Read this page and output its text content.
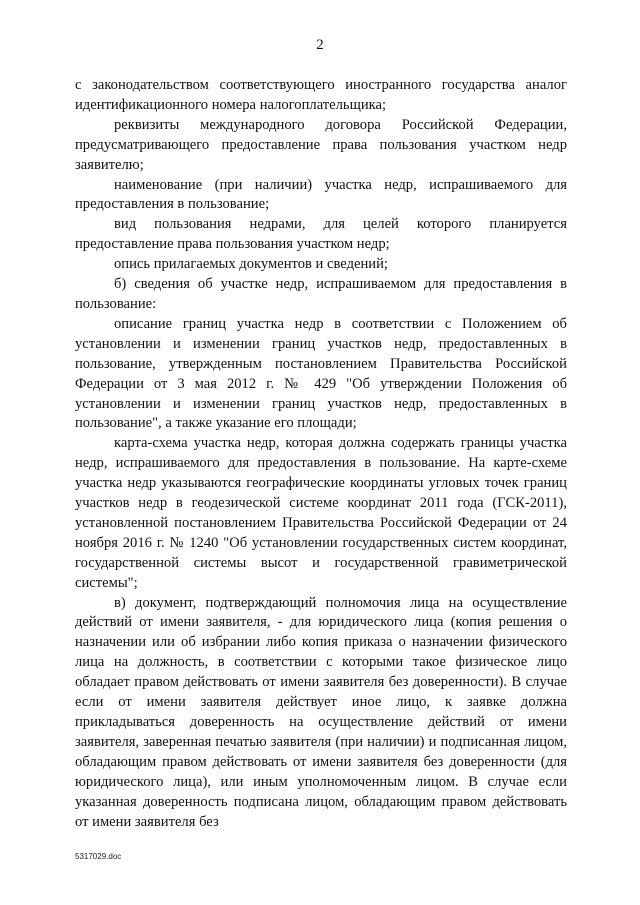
2

с законодательством соответствующего иностранного государства аналог идентификационного номера налогоплательщика;

реквизиты международного договора Российской Федерации, предусматривающего предоставление права пользования участком недр заявителю;

наименование (при наличии) участка недр, испрашиваемого для предоставления в пользование;

вид пользования недрами, для целей которого планируется предоставление права пользования участком недр;

опись прилагаемых документов и сведений;

б) сведения об участке недр, испрашиваемом для предоставления в пользование:

описание границ участка недр в соответствии с Положением об установлении и изменении границ участков недр, предоставленных в пользование, утвержденным постановлением Правительства Российской Федерации от 3 мая 2012 г. № 429 "Об утверждении Положения об установлении и изменении границ участков недр, предоставленных в пользование", а также указание его площади;

карта-схема участка недр, которая должна содержать границы участка недр, испрашиваемого для предоставления в пользование. На карте-схеме участка недр указываются географические координаты угловых точек границ участков недр в геодезической системе координат 2011 года (ГСК-2011), установленной постановлением Правительства Российской Федерации от 24 ноября 2016 г. № 1240 "Об установлении государственных систем координат, государственной системы высот и государственной гравиметрической системы";

в) документ, подтверждающий полномочия лица на осуществление действий от имени заявителя, - для юридического лица (копия решения о назначении или об избрании либо копия приказа о назначении физического лица на должность, в соответствии с которыми такое физическое лицо обладает правом действовать от имени заявителя без доверенности). В случае если от имени заявителя действует иное лицо, к заявке должна прикладываться доверенность на осуществление действий от имени заявителя, заверенная печатью заявителя (при наличии) и подписанная лицом, обладающим правом действовать от имени заявителя без доверенности (для юридического лица), или иным уполномоченным лицом. В случае если указанная доверенность подписана лицом, обладающим правом действовать от имени заявителя без

5317029.doc
